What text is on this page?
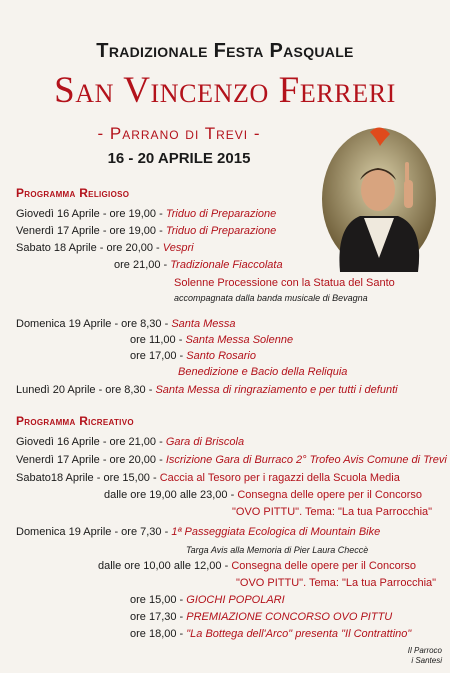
Tradizionale Festa Pasquale
San Vincenzo Ferreri
- Parrano di Trevi -
16 - 20 APRILE 2015
Programma Religioso
Giovedì 16 Aprile - ore 19,00 - Triduo di Preparazione
Venerdì 17 Aprile - ore 19,00 - Triduo di Preparazione
Sabato 18 Aprile - ore 20,00 - Vespri
ore 21,00 - Tradizionale Fiaccolata
Solenne Processione con la Statua del Santo
accompagnata dalla banda musicale di Bevagna
Domenica 19 Aprile - ore 8,30 - Santa Messa
ore 11,00 - Santa Messa Solenne
ore 17,00 - Santo Rosario
Benedizione e Bacio della Reliquia
Lunedì 20 Aprile - ore 8,30 - Santa Messa di ringraziamento e per tutti i defunti
Programma Ricreativo
Giovedì 16 Aprile - ore 21,00 - Gara di Briscola
Venerdì 17 Aprile - ore 20,00 - Iscrizione Gara di Burraco 2° Trofeo Avis Comune di Trevi
Sabato18 Aprile - ore 15,00 - Caccia al Tesoro per i ragazzi della Scuola Media
dalle ore 19,00 alle 23,00 - Consegna delle opere per il Concorso
"OVO PITTU". Tema: "La tua Parrocchia"
Domenica 19 Aprile - ore 7,30 - 1ª Passeggiata Ecologica di Mountain Bike
Targa Avis alla Memoria di Pier Laura Checcè
dalle ore 10,00 alle 12,00 - Consegna delle opere per il Concorso
"OVO PITTU". Tema: "La tua Parrocchia"
ore 15,00 - GIOCHI POPOLARI
ore 17,30 - PREMIAZIONE CONCORSO OVO PITTU
ore 18,00 - "La Bottega dell'Arco" presenta "Il Contrattino"
Il Parroco
i Santesi
